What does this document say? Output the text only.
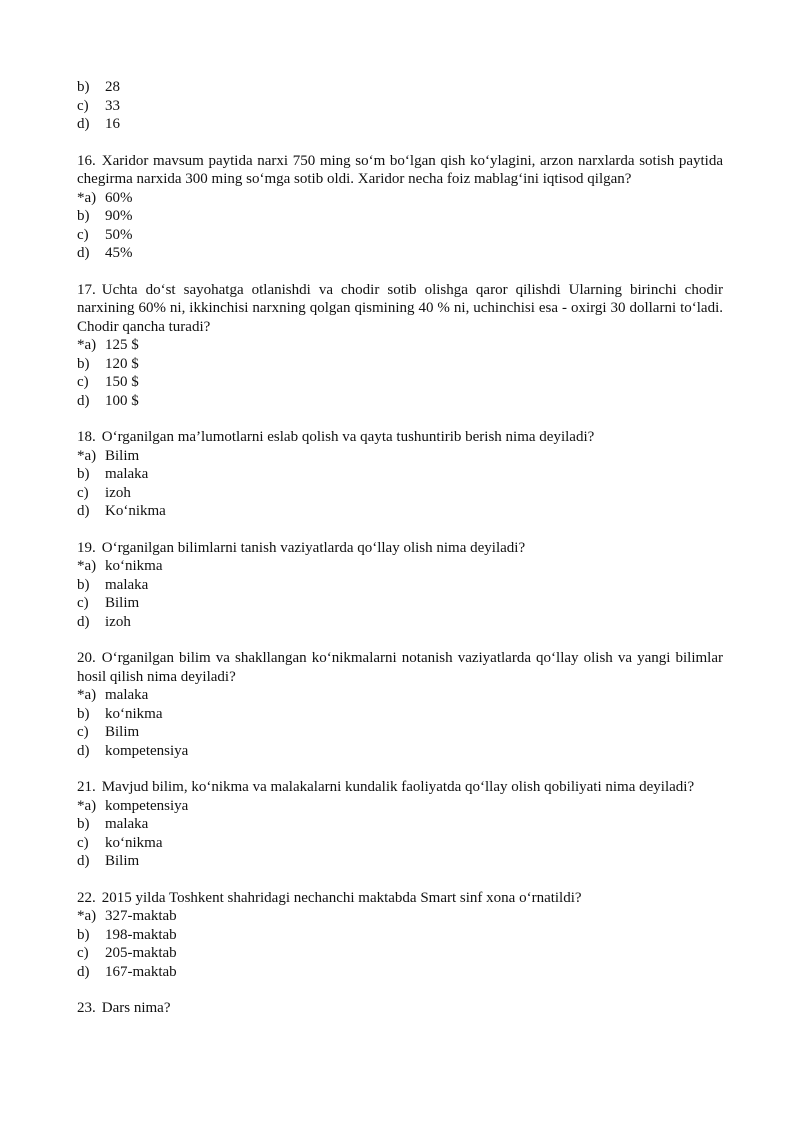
b)	28
c)	33
d)	16

16. Xaridor mavsum paytida narxi 750 ming so‘m bo‘lgan qish ko‘ylagini, arzon narxlarda sotish paytida chegirma narxida 300 ming so‘mga sotib oldi. Xaridor necha foiz mablag‘ini iqtisod qilgan?

*a) 60%
b)	90%
c)	50%
d)	45%

17. Uchta do‘st sayohatga otlanishdi va chodir sotib olishga qaror qilishdi Ularning birinchi chodir narxining 60% ni, ikkinchisi narxning qolgan qismining 40 % ni, uchinchisi esa - oxirgi 30 dollarni to‘ladi. Chodir qancha turadi?

*a) 125 $
b)	120 $
c)	150 $
d)	100 $

18. O‘rganilgan ma’lumotlarni eslab qolish va qayta tushuntirib berish nima deyiladi?

*a) Bilim
b)	malaka
c)	izoh
d)	Ko‘nikma

19. O‘rganilgan bilimlarni tanish vaziyatlarda qo‘llay olish nima deyiladi?

*a) ko‘nikma
b)	malaka
c)	Bilim
d)	izoh

20. O‘rganilgan bilim va shakllangan ko‘nikmalarni notanish vaziyatlarda qo‘llay olish va yangi bilimlar hosil qilish nima deyiladi?

*a) malaka
b)	ko‘nikma
c)	Bilim
d)	kompetensiya

21. Mavjud bilim, ko‘nikma va malakalarni kundalik faoliyatda qo‘llay olish qobiliyati nima deyiladi?

*a) kompetensiya
b)	malaka
c)	ko‘nikma
d)	Bilim

22. 2015 yilda Toshkent shahridagi nechanchi maktabda Smart sinf xona o‘rnatildi?

*a) 327-maktab
b)	198-maktab
c)	205-maktab
d)	167-maktab

23. Dars nima?
